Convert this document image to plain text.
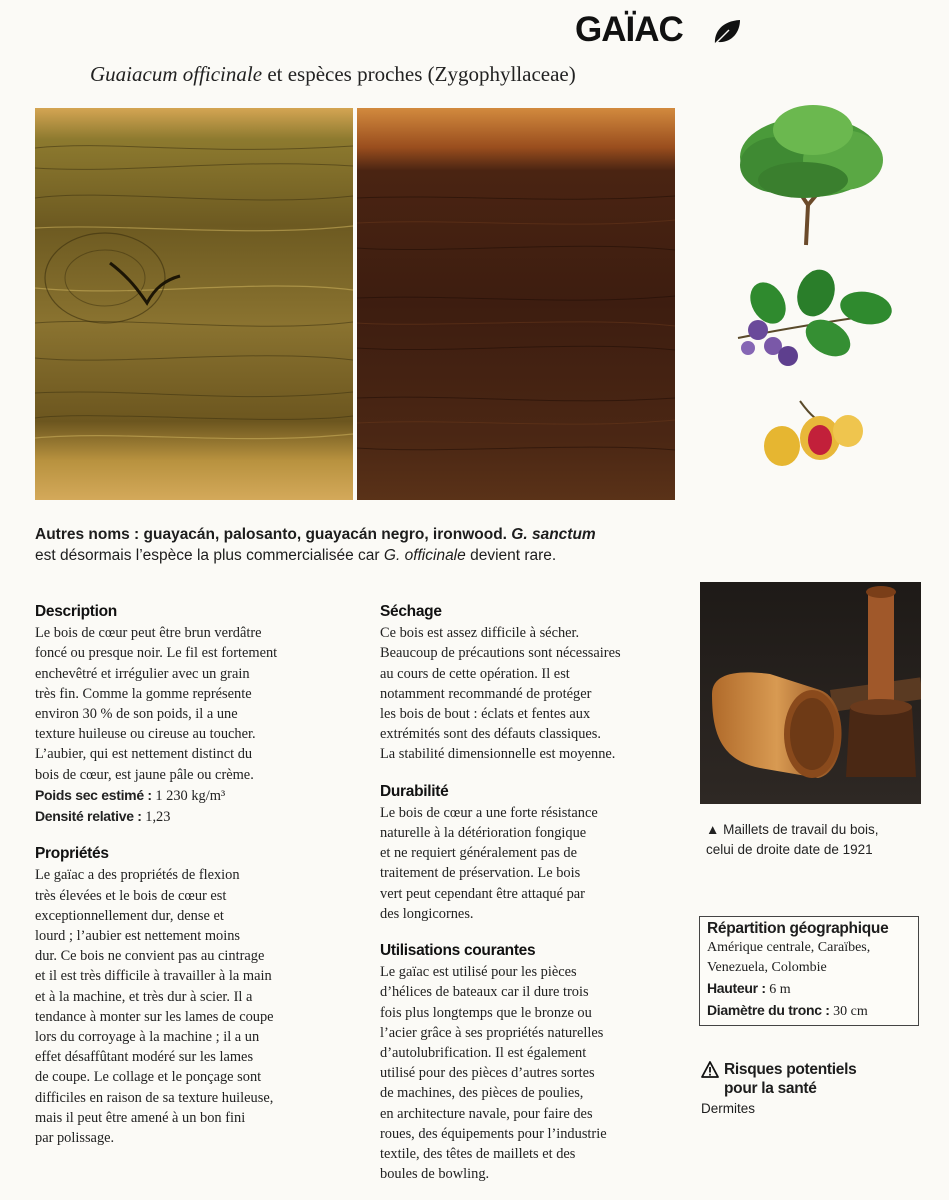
GAÏAC
Guaiacum officinale et espèces proches (Zygophyllaceae)
Autres noms : guayacán, palosanto, guayacán negro, ironwood. G. sanctum
est désormais l’espèce la plus commercialisée car G. officinale devient rare.
Description

Le bois de cœur peut être brun verdâtre
foncé ou presque noir. Le fil est fortement
enchevêtré et irrégulier avec un grain
très fin. Comme la gomme représente
environ 30 % de son poids, il a une
texture huileuse ou cireuse au toucher.
L’aubier, qui est nettement distinct du
bois de cœur, est jaune pâle ou crème.

Poids sec estimé : 1 230 kg/m³

Densité relative : 1,23

Propriétés

Le gaïac a des propriétés de flexion
très élevées et le bois de cœur est
exceptionnellement dur, dense et
lourd ; l’aubier est nettement moins
dur. Ce bois ne convient pas au cintrage
et il est très difficile à travailler à la main
et à la machine, et très dur à scier. Il a
tendance à monter sur les lames de coupe
lors du corroyage à la machine ; il a un
effet désaffûtant modéré sur les lames
de coupe. Le collage et le ponçage sont
difficiles en raison de sa texture huileuse,
mais il peut être amené à un bon fini
par polissage.

Séchage

Ce bois est assez difficile à sécher.
Beaucoup de précautions sont nécessaires
au cours de cette opération. Il est
notamment recommandé de protéger
les bois de bout : éclats et fentes aux
extrémités sont des défauts classiques.
La stabilité dimensionnelle est moyenne.

Durabilité

Le bois de cœur a une forte résistance
naturelle à la détérioration fongique
et ne requiert généralement pas de
traitement de préservation. Le bois
vert peut cependant être attaqué par
des longicornes.

Utilisations courantes

Le gaïac est utilisé pour les pièces
d’hélices de bateaux car il dure trois
fois plus longtemps que le bronze ou
l’acier grâce à ses propriétés naturelles
d’autolubrification. Il est également
utilisé pour des pièces d’autres sortes
de machines, des pièces de poulies,
en architecture navale, pour faire des
roues, des équipements pour l’industrie
textile, des têtes de maillets et des
boules de bowling.

▲ Maillets de travail du bois,
celui de droite date de 1921
Répartition géographique
Amérique centrale, Caraïbes,
Venezuela, Colombie
Hauteur : 6 m
Diamètre du tronc : 30 cm
Risques potentiels
pour la santé
Dermites
